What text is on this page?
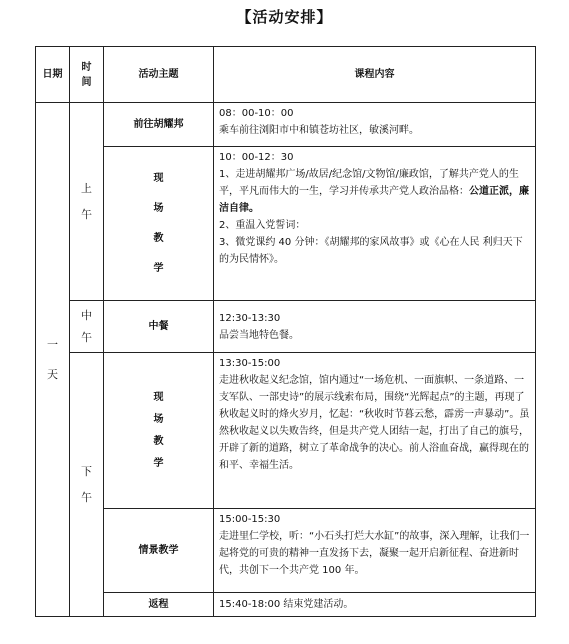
【活动安排】
日期	时间	活动主题	课程内容
一天	上午	前往胡耀邦	08：00-10：00

乘车前往浏阳市中和镇苍坊社区，敏溪河畔。

		现场教学	10：00-12：30

1、走进胡耀邦广场/故居/纪念馆/文物馆/廉政馆，了解共产党人的生平，平凡而伟大的一生，学习并传承共产党人政治品格：公道正派，廉洁自律。

2、重温入党誓词：

3、微党课约 40 分钟：《胡耀邦的家风故事》或《心在人民 利归天下的为民情怀》。

	中午	中餐	12:30-13:30

品尝当地特色餐。

	下午	现场教学	13:30-15:00

走进秋收起义纪念馆，馆内通过“一场危机、一面旗帜、一条道路、一支军队、一部史诗”的展示线索布局，围绕“光辉起点”的主题，再现了秋收起义时的烽火岁月，忆起：“秋收时节暮云愁，霹雳一声暴动”。虽然秋收起义以失败告终，但是共产党人团结一起，打出了自己的旗号，开辟了新的道路，树立了革命战争的决心。前人浴血奋战，赢得现在的和平、幸福生活。

		情景教学	15:00-15:30

走进里仁学校，听：“小石头打烂大水缸”的故事，深入理解，让我们一起将党的可贵的精神一直发扬下去，凝聚一起开启新征程、奋进新时代，共创下一个共产党 100 年。

		返程	15:40-18:00 结束党建活动。
